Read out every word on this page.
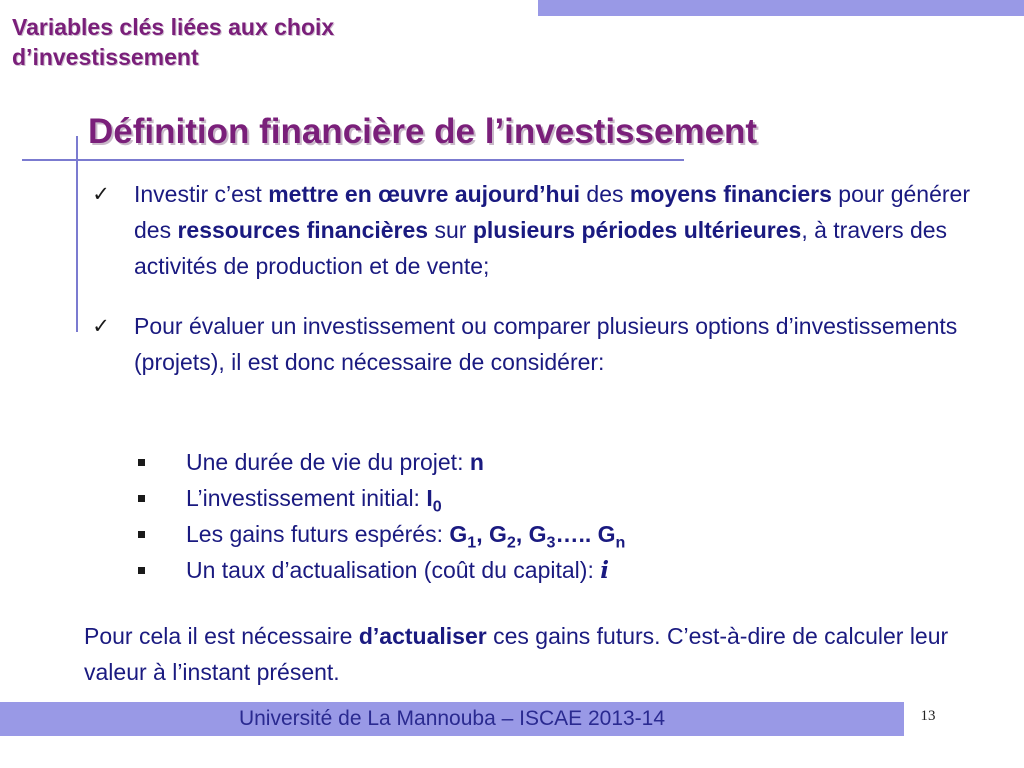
Variables clés liées aux choix d’investissement
Définition financière de l’investissement
✓ Investir c’est mettre en œuvre aujourd’hui des moyens financiers pour générer des ressources financières sur plusieurs périodes ultérieures, à travers des activités de production et de vente;
✓ Pour évaluer un investissement ou comparer plusieurs options d’investissements (projets), il est donc nécessaire de considérer:
Une durée de vie du projet: n
L’investissement initial: $I_0$
Les gains futurs espérés: $G_1$, $G_2$, $G_3\dots$.. $G_n$
Un taux d’actualisation (coût du capital): i

Pour cela il est nécessaire d’actualiser ces gains futurs. C’est-à-dire de calculer leur valeur à l’instant présent.

Université de La Mannouba – ISCAE 2013-14	13
